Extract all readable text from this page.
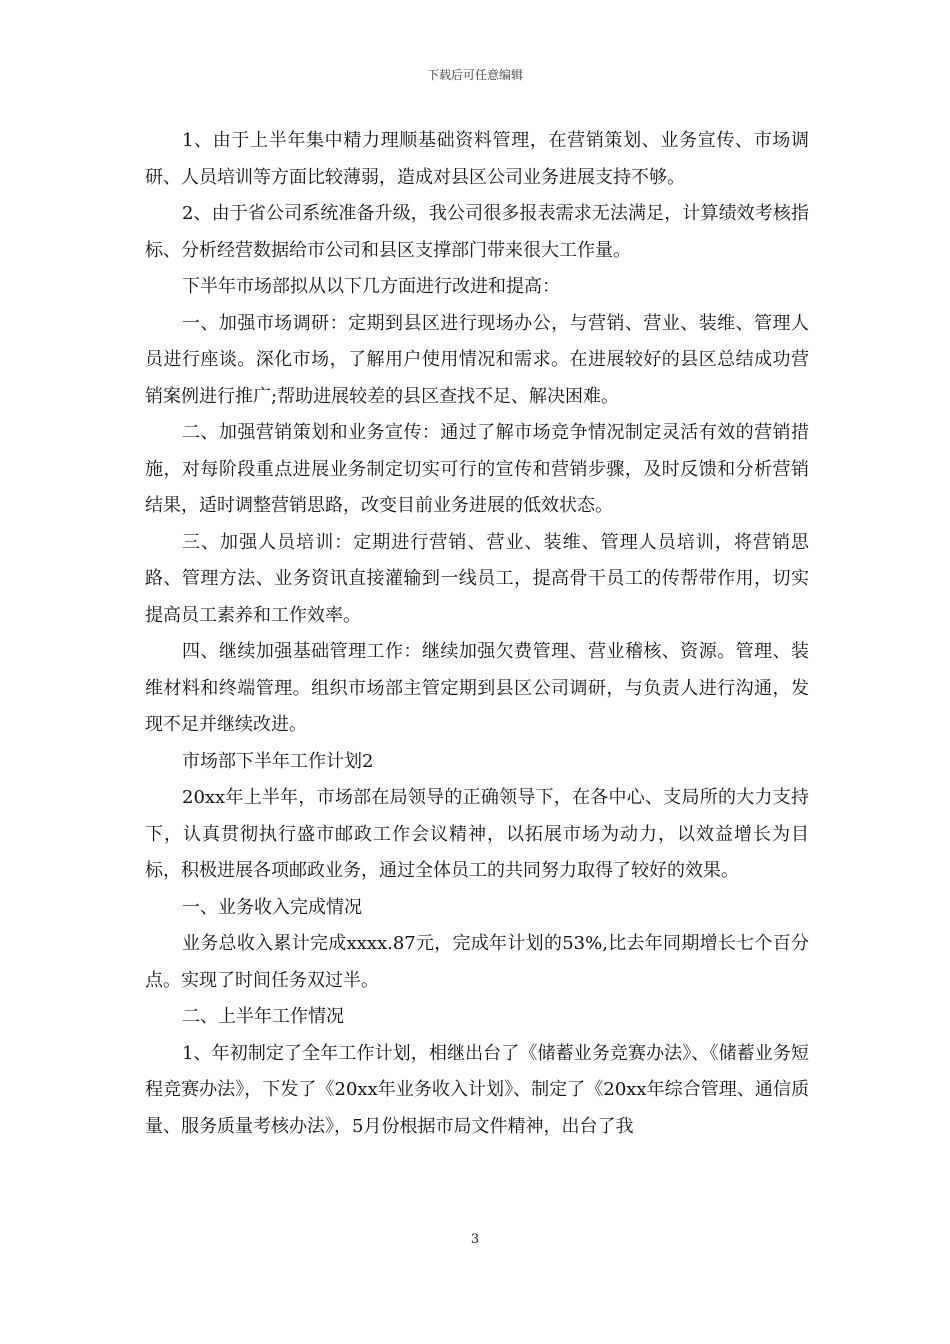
下载后可任意编辑

1、由于上半年集中精力理顺基础资料管理，在营销策划、业务宣传、市场调研、人员培训等方面比较薄弱，造成对县区公司业务进展支持不够。

2、由于省公司系统准备升级，我公司很多报表需求无法满足，计算绩效考核指标、分析经营数据给市公司和县区支撑部门带来很大工作量。

下半年市场部拟从以下几方面进行改进和提高：

一、加强市场调研：定期到县区进行现场办公，与营销、营业、装维、管理人员进行座谈。深化市场，了解用户使用情况和需求。在进展较好的县区总结成功营销案例进行推广;帮助进展较差的县区查找不足、解决困难。

二、加强营销策划和业务宣传：通过了解市场竞争情况制定灵活有效的营销措施，对每阶段重点进展业务制定切实可行的宣传和营销步骤，及时反馈和分析营销结果，适时调整营销思路，改变目前业务进展的低效状态。

三、加强人员培训：定期进行营销、营业、装维、管理人员培训，将营销思路、管理方法、业务资讯直接灌输到一线员工，提高骨干员工的传帮带作用，切实提高员工素养和工作效率。

四、继续加强基础管理工作：继续加强欠费管理、营业稽核、资源。管理、装维材料和终端管理。组织市场部主管定期到县区公司调研，与负责人进行沟通，发现不足并继续改进。

市场部下半年工作计划2

20xx年上半年，市场部在局领导的正确领导下，在各中心、支局所的大力支持下，认真贯彻执行盛市邮政工作会议精神，以拓展市场为动力，以效益增长为目标，积极进展各项邮政业务，通过全体员工的共同努力取得了较好的效果。

一、业务收入完成情况

业务总收入累计完成xxxx.87元，完成年计划的53%,比去年同期增长七个百分点。实现了时间任务双过半。

二、上半年工作情况

1、年初制定了全年工作计划，相继出台了《储蓄业务竞赛办法》、《储蓄业务短程竞赛办法》，下发了《20xx年业务收入计划》、制定了《20xx年综合管理、通信质量、服务质量考核办法》，5月份根据市局文件精神，出台了我

3
